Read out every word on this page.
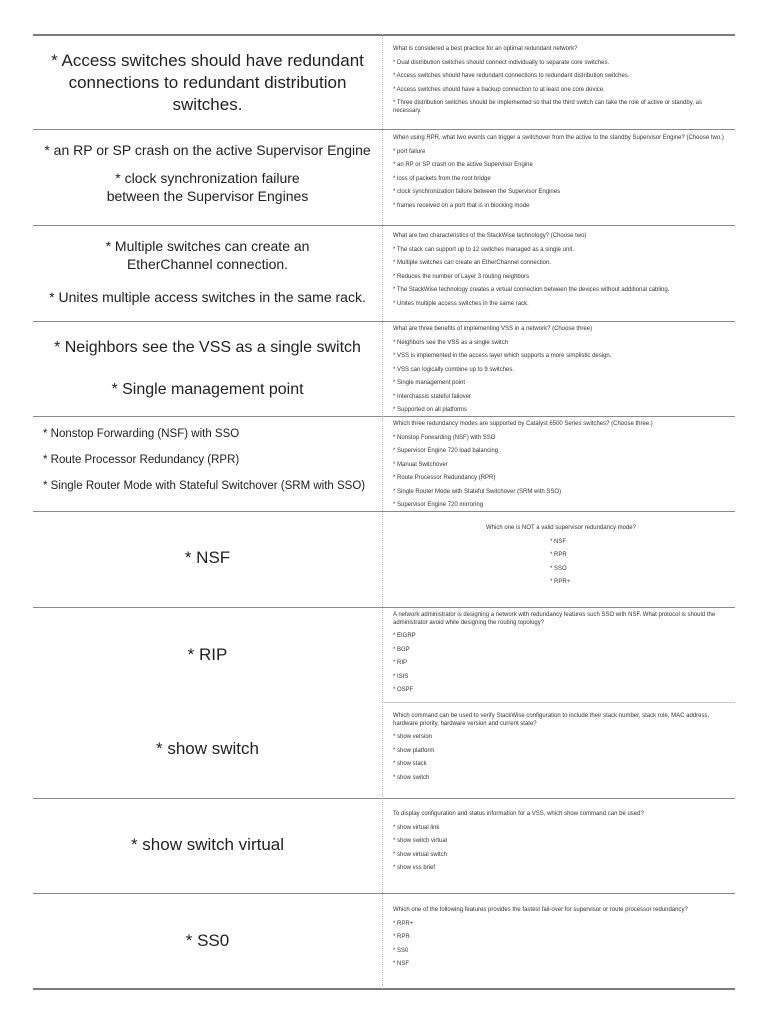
* Access switches should have redundant connections to redundant distribution switches.

What is considered a best practice for an optimal redundant network?

* Dual distribution switches should connect individually to separate core switches.

* Access switches should have redundant connections to redundant distribution switches.

* Access switches should have a backup connection to at least one core device.

* Three distribution switches should be implemented so that the third switch can take the role of active or standby, as necessary.

* an RP or SP crash on the active Supervisor Engine

* clock synchronization failure between the Supervisor Engines

When using RPR, what two events can trigger a switchover from the active to the standby Supervisor Engine? (Choose two.)

* port failure

* an RP or SP crash on the active Supervisor Engine

* loss of packets from the root bridge

* clock synchronization failure between the Supervisor Engines

* frames received on a port that is in blocking mode

* Multiple switches can create an EtherChannel connection.

* Unites multiple access switches in the same rack.

What are two characteristics of the StackWise technology? (Choose two)

* The stack can support up to 12 switches managed as a single unit.

* Multiple switches can create an EtherChannel connection.

* Reduces the number of Layer 3 routing neighbors

* The StackWise technology creates a virtual connection between the devices without additional cabling.

* Unites multiple access switches in the same rack.

* Neighbors see the VSS as a single switch

* Single management point

What are three benefits of implementing VSS in a network? (Choose three)

* Neighbors see the VSS as a single switch

* VSS is implemented in the access layer which supports a more simplistic design.

* VSS can logically combine up to 9 switches.

* Single management point

* Interchassis stateful failover

* Supported on all platforms

* Nonstop Forwarding (NSF) with SSO

* Route Processor Redundancy (RPR)

* Single Router Mode with Stateful Switchover (SRM with SSO)

Which three redundancy modes are supported by Catalyst 6500 Series switches? (Choose three.)

* Nonstop Forwarding (NSF) with SSO

* Supervisor Engine 720 load balancing

* Manual Switchover

* Route Processor Redundancy (RPR)

* Single Router Mode with Stateful Switchover (SRM with SSO)

* Supervisor Engine 720 mirroring

* NSF

Which one is NOT a valid supervisor redundancy mode?

* NSF

* RPR

* SSO

* RPR+

* RIP

A network administrator is designing a network with redundancy features such SSO with NSF. What protocol is should the administrator avoid while designing the routing topology?

* EIGRP

* BGP

* RIP

* ISIS

* OSPF

* show switch

Which command can be used to verify StackWise configuration to include their stack number, stack role, MAC address, hardware priority, hardware version and current state?

* show version

* show platform

* show stack

* show switch

* show switch virtual

To display configuration and status information for a VSS, which show command can be used?

* show virtual link

* show switch virtual

* show virtual switch

* show vss brief

* SS0

Which one of the following features provides the fastest fail-over for supervisor or route processor redundancy?

* RPR+

* RPR

* SS0

* NSF
